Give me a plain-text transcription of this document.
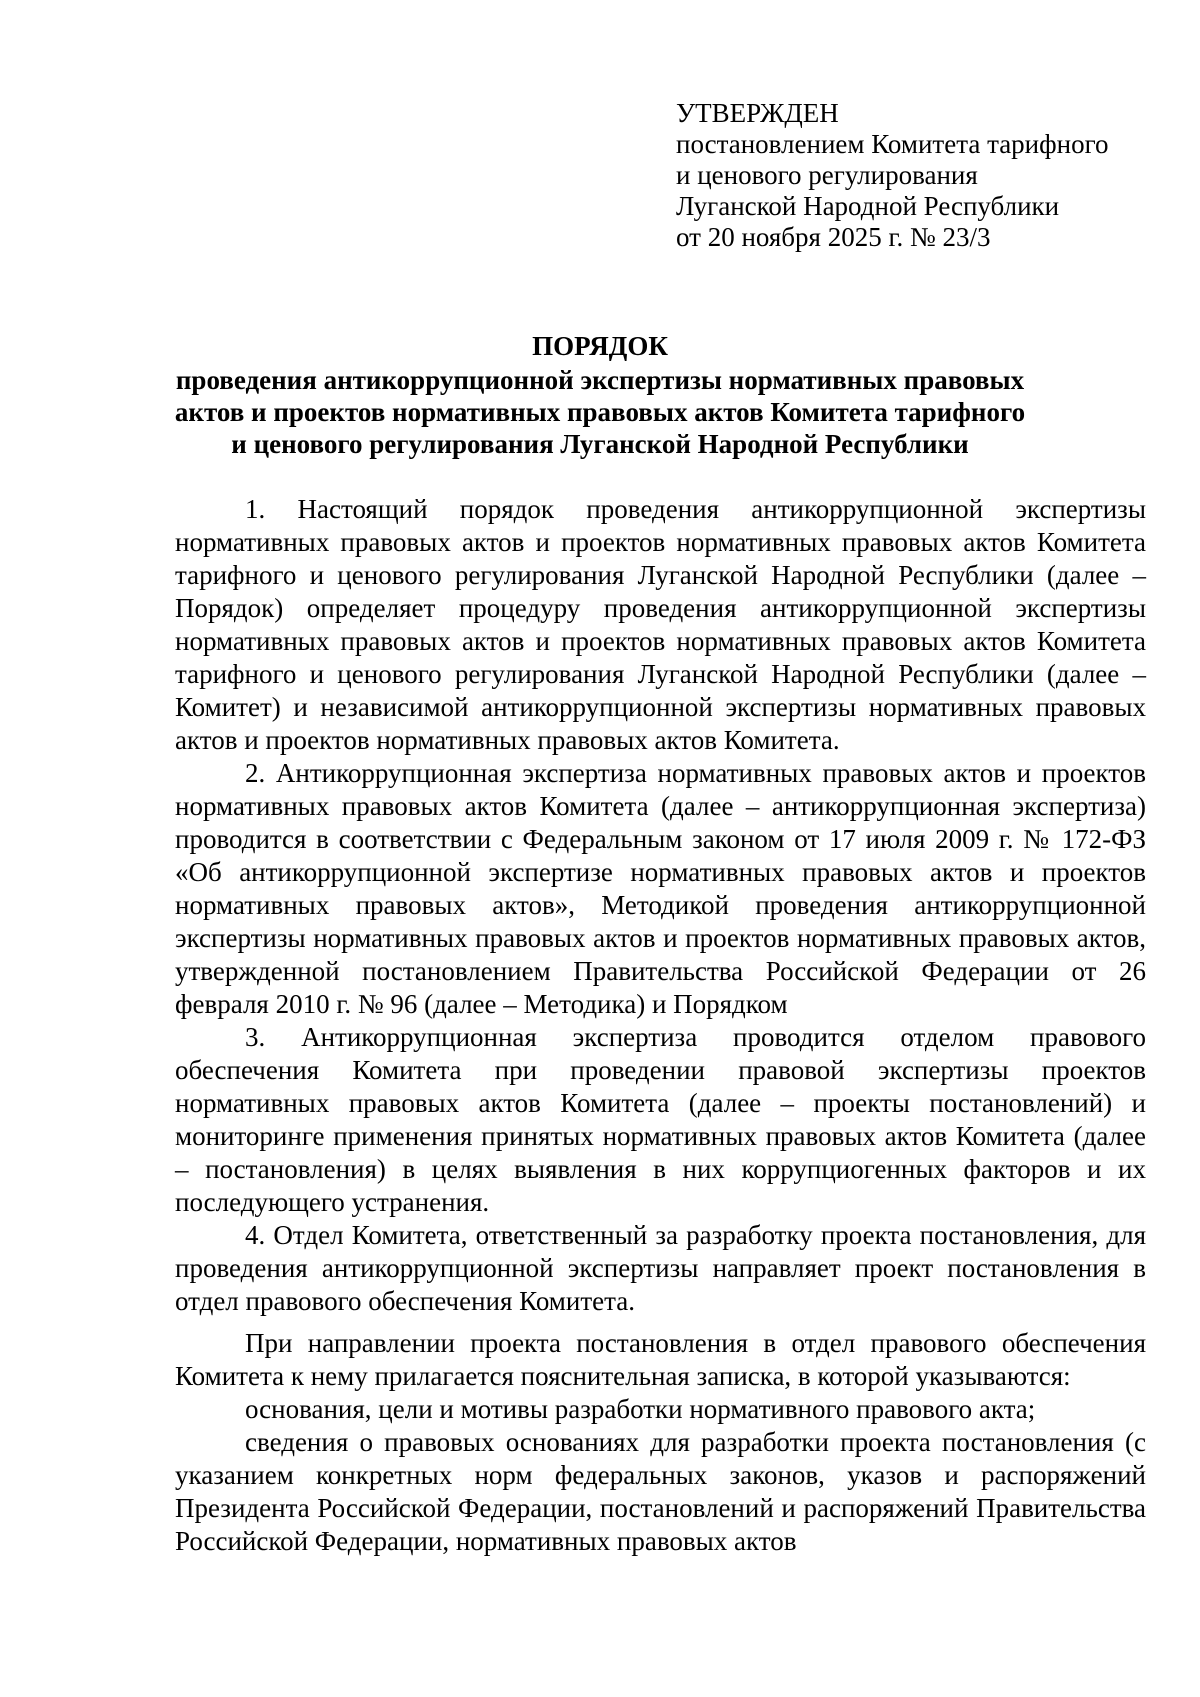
УТВЕРЖДЕН
постановлением Комитета тарифного
и ценового регулирования
Луганской Народной Республики
от 20 ноября 2025 г. № 23/3
ПОРЯДОК
проведения антикоррупционной экспертизы нормативных правовых
актов и проектов нормативных правовых актов Комитета тарифного
и ценового регулирования Луганской Народной Республики

1. Настоящий порядок проведения антикоррупционной экспертизы нормативных правовых актов и проектов нормативных правовых актов Комитета тарифного и ценового регулирования Луганской Народной Республики (далее – Порядок) определяет процедуру проведения антикоррупционной экспертизы нормативных правовых актов и проектов нормативных правовых актов Комитета тарифного и ценового регулирования Луганской Народной Республики (далее – Комитет) и независимой антикоррупционной экспертизы нормативных правовых актов и проектов нормативных правовых актов Комитета.

2. Антикоррупционная экспертиза нормативных правовых актов и проектов нормативных правовых актов Комитета (далее – антикоррупционная экспертиза) проводится в соответствии с Федеральным законом от 17 июля 2009 г. № 172-ФЗ «Об антикоррупционной экспертизе нормативных правовых актов и проектов нормативных правовых актов», Методикой проведения антикоррупционной экспертизы нормативных правовых актов и проектов нормативных правовых актов, утвержденной постановлением Правительства Российской Федерации от 26 февраля 2010 г. № 96 (далее – Методика) и Порядком

3. Антикоррупционная экспертиза проводится отделом правового обеспечения Комитета при проведении правовой экспертизы проектов нормативных правовых актов Комитета (далее – проекты постановлений) и мониторинге применения принятых нормативных правовых актов Комитета (далее – постановления) в целях выявления в них коррупциогенных факторов и их последующего устранения.

4. Отдел Комитета, ответственный за разработку проекта постановления, для проведения антикоррупционной экспертизы направляет проект постановления в отдел правового обеспечения Комитета.

При направлении проекта постановления в отдел правового обеспечения Комитета к нему прилагается пояснительная записка, в которой указываются:

основания, цели и мотивы разработки нормативного правового акта;

сведения о правовых основаниях для разработки проекта постановления (с указанием конкретных норм федеральных законов, указов и распоряжений Президента Российской Федерации, постановлений и распоряжений Правительства Российской Федерации, нормативных правовых актов
